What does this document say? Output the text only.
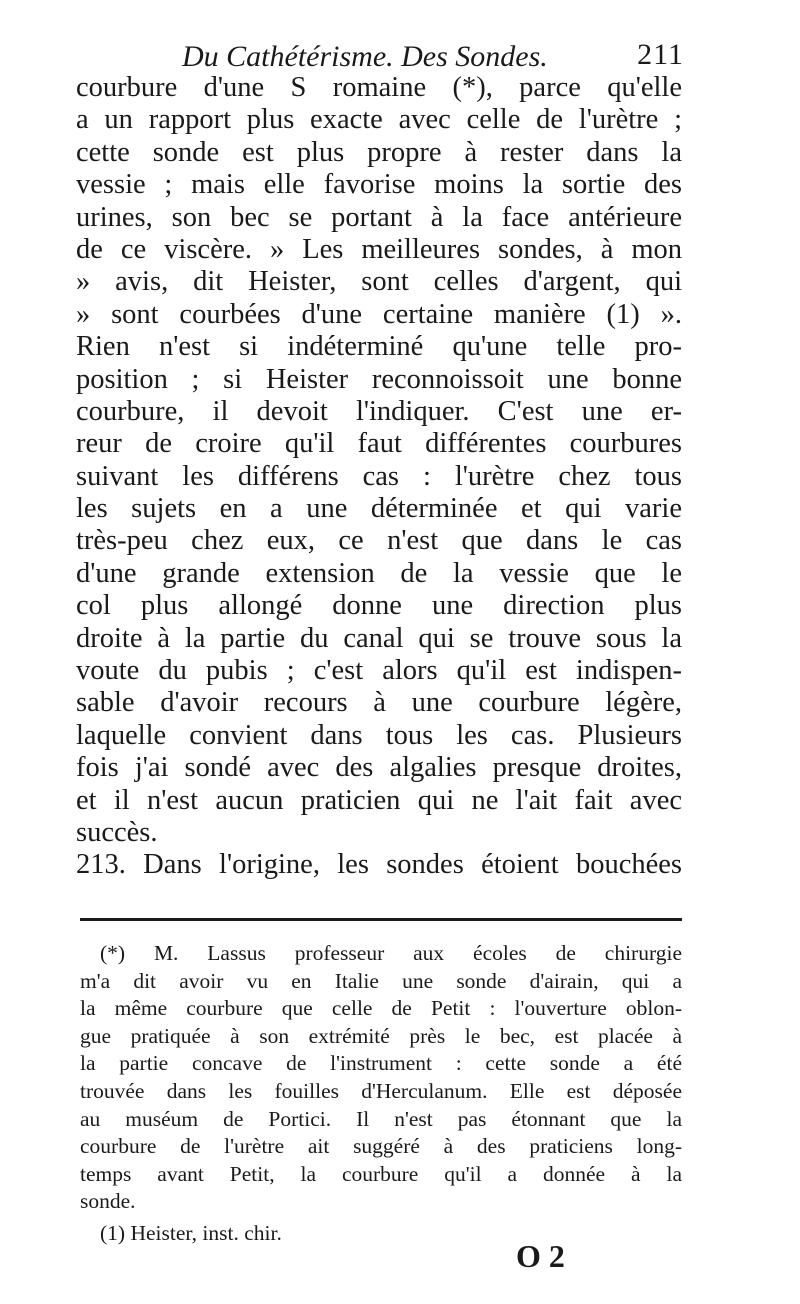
Du Cathétérisme. Des Sondes.	211
courbure d'une S romaine (*), parce qu'elle
a un rapport plus exacte avec celle de l'urètre ;
cette sonde est plus propre à rester dans la
vessie ; mais elle favorise moins la sortie des
urines, son bec se portant à la face antérieure
de ce viscère. » Les meilleures sondes, à mon
» avis, dit Heister, sont celles d'argent, qui
» sont courbées d'une certaine manière (1) ».
Rien n'est si indéterminé qu'une telle pro-
position ; si Heister reconnoissoit une bonne
courbure, il devoit l'indiquer. C'est une er-
reur de croire qu'il faut différentes courbures
suivant les différens cas : l'urètre chez tous
les sujets en a une déterminée et qui varie
très-peu chez eux, ce n'est que dans le cas
d'une grande extension de la vessie que le
col plus allongé donne une direction plus
droite à la partie du canal qui se trouve sous la
voute du pubis ; c'est alors qu'il est indispen-
sable d'avoir recours à une courbure légère,
laquelle convient dans tous les cas. Plusieurs
fois j'ai sondé avec des algalies presque droites,
et il n'est aucun praticien qui ne l'ait fait avec
succès.
213. Dans l'origine, les sondes étoient bouchées
(*) M. Lassus professeur aux écoles de chirurgie
m'a dit avoir vu en Italie une sonde d'airain, qui a
la même courbure que celle de Petit : l'ouverture oblon-
gue pratiquée à son extrémité près le bec, est placée à
la partie concave de l'instrument : cette sonde a été
trouvée dans les fouilles d'Herculanum. Elle est déposée
au muséum de Portici. Il n'est pas étonnant que la
courbure de l'urètre ait suggéré à des praticiens long-
temps avant Petit, la courbure qu'il a donnée à la
sonde.
(1) Heister, inst. chir.
O 2
